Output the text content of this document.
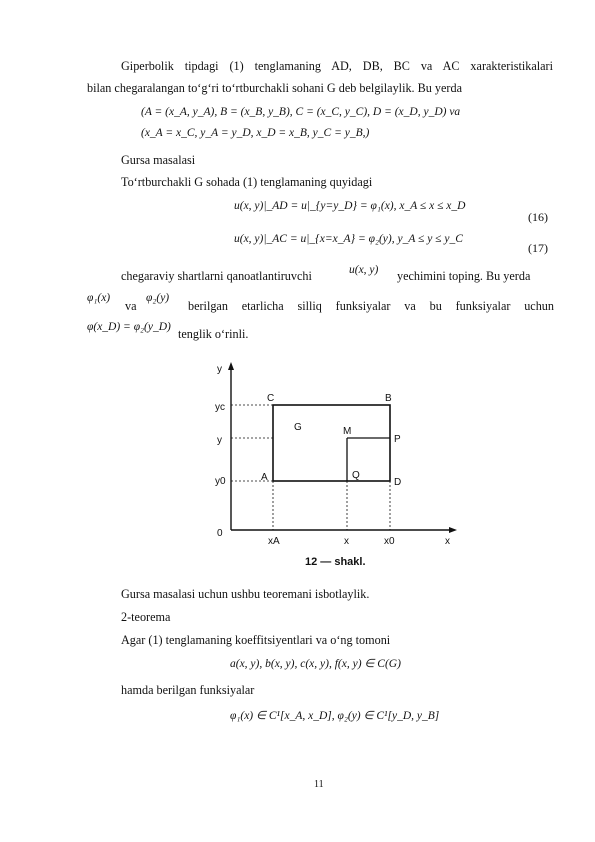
Giperbolik tipdagi (1) tenglamaning AD, DB, BC va AC xarakteristikalari
bilan chegaralangan to‘g‘ri to‘rtburchakli sohani G deb belgilaylik. Bu yerda
(A = (x_A, y_A), B = (x_B, y_B), C = (x_C, y_C), D = (x_D, y_D) va
(x_A = x_C, y_A = y_D, x_D = x_B, y_C = y_B,)
Gursa masalasi
To‘rtburchakli G sohada (1) tenglamaning quyidagi
u(x, y)|_AD = u|_{y=y_D} = φ₁(x), x_A ≤ x ≤ x_D
(16)
u(x, y)|_AC = u|_{x=x_A} = φ₂(y), y_A ≤ y ≤ y_C
(17)
chegaraviy shartlarni qanoatlantiruvchi	u(x, y) yechimini toping. Bu yerda
φ₁(x)
va
φ₂(y)
berilgan etarlicha silliq funksiyalar va bu funksiyalar uchun
φ(x_D) = φ₂(y_D) tenglik o‘rinli.
y
yc
y
y0
0
xA	x	x0	x
C	B
G	M
P
A	Q
D
12 — shakl.
Gursa masalasi uchun ushbu teoremani isbotlaylik.
2-teorema
Agar (1) tenglamaning koeffitsiyentlari va o‘ng tomoni
a(x, y), b(x, y), c(x, y), f(x, y) ∈ C(G)
hamda berilgan funksiyalar
φ₁(x) ∈ C¹[x_A, x_D], φ₂(y) ∈ C¹[y_D, y_B]
11
